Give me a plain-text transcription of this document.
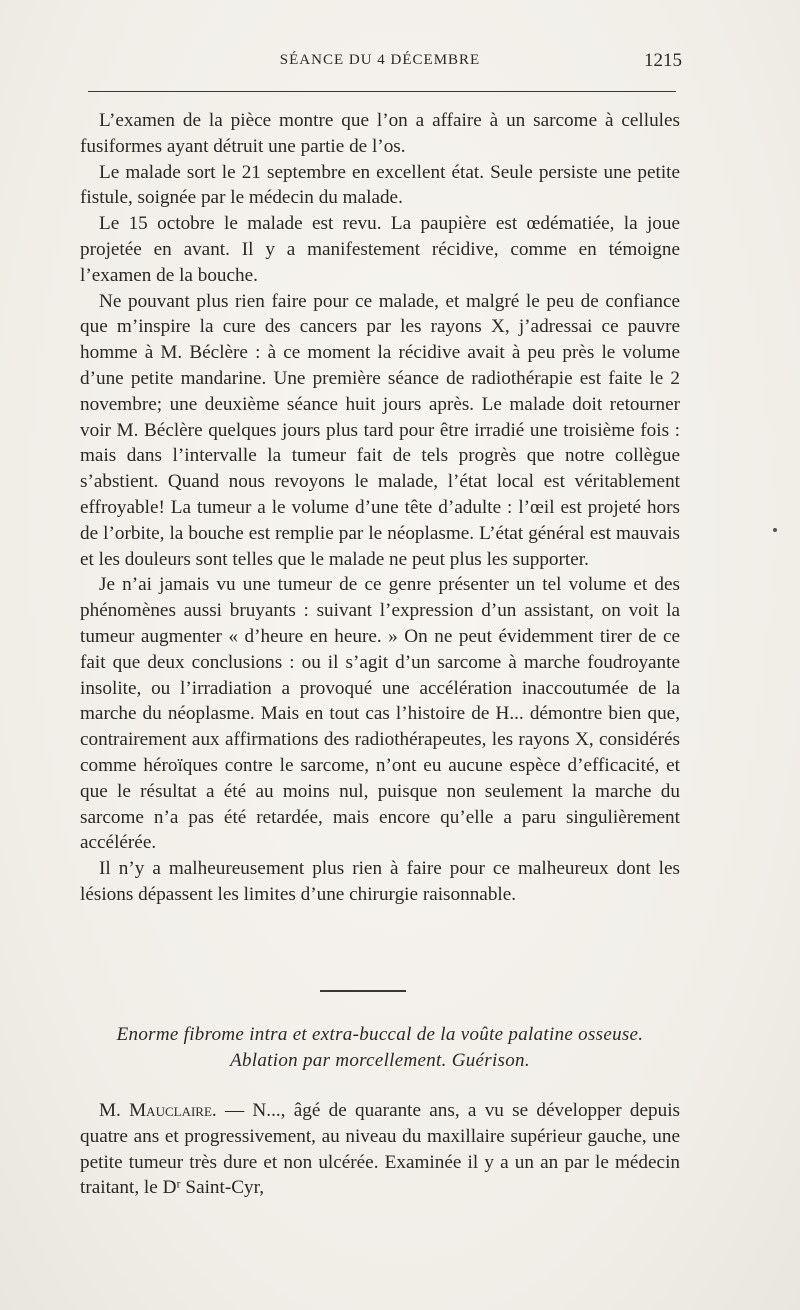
SÉANCE DU 4 DÉCEMBRE	1215

L’examen de la pièce montre que l’on a affaire à un sarcome à cellules fusiformes ayant détruit une partie de l’os.

Le malade sort le 21 septembre en excellent état. Seule persiste une petite fistule, soignée par le médecin du malade.

Le 15 octobre le malade est revu. La paupière est œdématiée, la joue projetée en avant. Il y a manifestement récidive, comme en témoigne l’examen de la bouche.

Ne pouvant plus rien faire pour ce malade, et malgré le peu de confiance que m’inspire la cure des cancers par les rayons X, j’adressai ce pauvre homme à M. Béclère : à ce moment la récidive avait à peu près le volume d’une petite mandarine. Une première séance de radiothérapie est faite le 2 novembre; une deuxième séance huit jours après. Le malade doit retourner voir M. Béclère quelques jours plus tard pour être irradié une troisième fois : mais dans l’intervalle la tumeur fait de tels progrès que notre collègue s’abstient. Quand nous revoyons le malade, l’état local est véritablement effroyable! La tumeur a le volume d’une tête d’adulte : l’œil est projeté hors de l’orbite, la bouche est remplie par le néoplasme. L’état général est mauvais et les douleurs sont telles que le malade ne peut plus les supporter.

Je n’ai jamais vu une tumeur de ce genre présenter un tel volume et des phénomènes aussi bruyants : suivant l’expression d’un assistant, on voit la tumeur augmenter « d’heure en heure. » On ne peut évidemment tirer de ce fait que deux conclusions : ou il s’agit d’un sarcome à marche foudroyante insolite, ou l’irradiation a provoqué une accélération inaccoutumée de la marche du néoplasme. Mais en tout cas l’histoire de H... démontre bien que, contrairement aux affirmations des radiothérapeutes, les rayons X, considérés comme héroïques contre le sarcome, n’ont eu aucune espèce d’efficacité, et que le résultat a été au moins nul, puisque non seulement la marche du sarcome n’a pas été retardée, mais encore qu’elle a paru singulièrement accélérée.

Il n’y a malheureusement plus rien à faire pour ce malheureux dont les lésions dépassent les limites d’une chirurgie raisonnable.

Enorme fibrome intra et extra-buccal de la voûte palatine osseuse.
Ablation par morcellement. Guérison.

M. Mauclaire. — N..., âgé de quarante ans, a vu se développer depuis quatre ans et progressivement, au niveau du maxillaire supérieur gauche, une petite tumeur très dure et non ulcérée. Examinée il y a un an par le médecin traitant, le Dʳ Saint-Cyr,
